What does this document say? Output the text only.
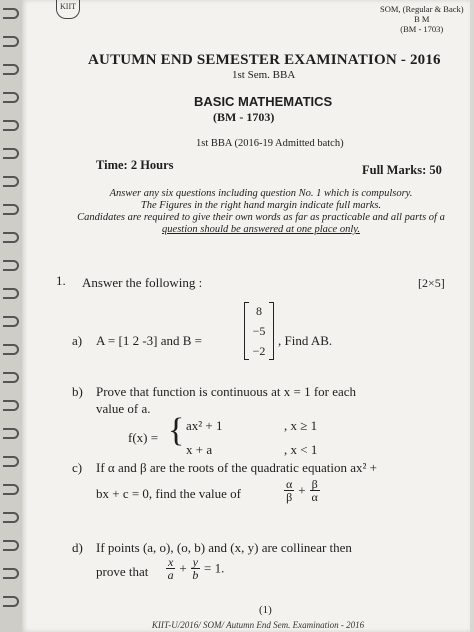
KIIT	SOM, (Regular & Back)
B M
(BM - 1703)
AUTUMN END SEMESTER EXAMINATION - 2016
1st Sem. BBA
BASIC MATHEMATICS
(BM - 1703)
1st BBA (2016-19 Admitted batch)
Time: 2 Hours	Full Marks: 50
Answer any six questions including question No. 1 which is compulsory.
The Figures in the right hand margin indicate full marks.
Candidates are required to give their own words as far as practicable and all parts of a
question should be answered at one place only.
1. Answer the following :	[2×5]
a) A = [1 2 -3] and B =
8
−5
−2
, Find AB.
b) Prove that function is continuous at x = 1 for each
value of a.
f(x) = { ax² + 1	, x ≥ 1
x + a	, x < 1
c) If α and β are the roots of the quadratic equation ax² +
bx + c = 0, find the value of	$\frac{\alpha}{\beta} + \frac{\beta}{\alpha}$
d) If points (a, o), (o, b) and (x, y) are collinear then
prove that $\frac{x}{a} + \frac{y}{b} = 1$.
(1)
KIIT-U/2016/ SOM/ Autumn End Sem. Examination - 2016
